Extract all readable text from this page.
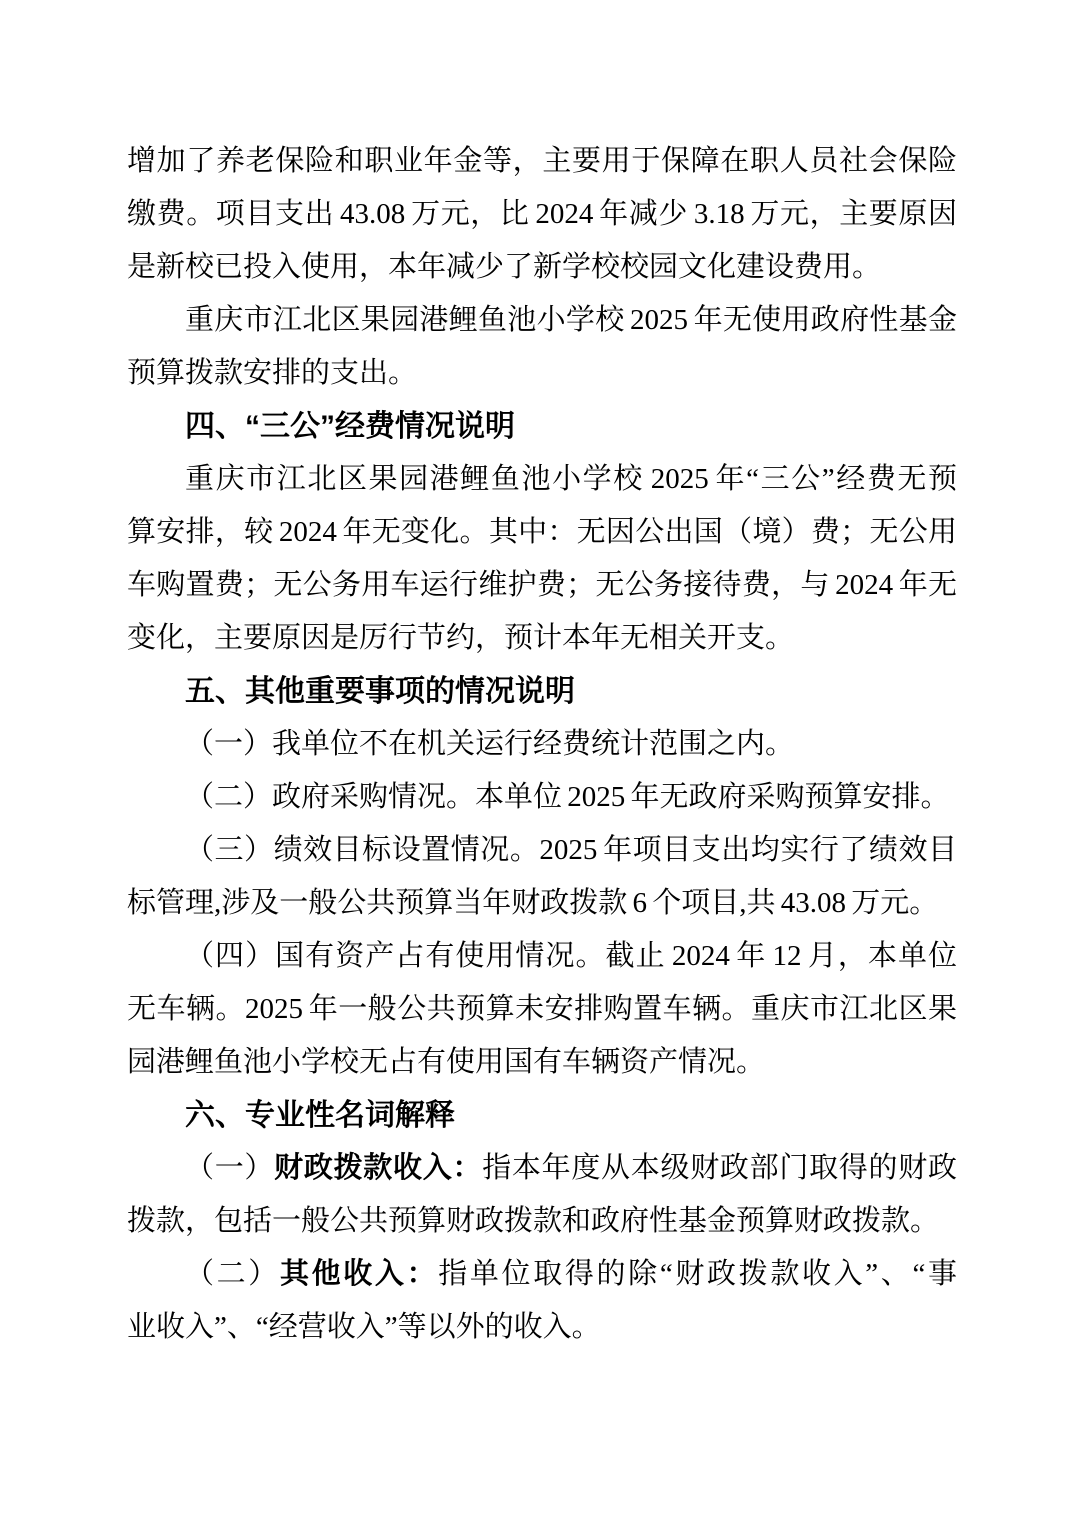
增加了养老保险和职业年金等，主要用于保障在职人员社会保险
缴费。项目支出 43.08 万元，比 2024 年减少 3.18 万元，主要原因
是新校已投入使用，本年减少了新学校校园文化建设费用。
重庆市江北区果园港鲤鱼池小学校 2025 年无使用政府性基金
预算拨款安排的支出。
四、“三公”经费情况说明
重庆市江北区果园港鲤鱼池小学校 2025 年“三公”经费无预
算安排，较 2024 年无变化。其中：无因公出国（境）费；无公用
车购置费；无公务用车运行维护费；无公务接待费，与 2024 年无
变化，主要原因是厉行节约，预计本年无相关开支。
五、其他重要事项的情况说明
（一）我单位不在机关运行经费统计范围之内。
（二）政府采购情况。本单位 2025 年无政府采购预算安排。
（三）绩效目标设置情况。2025 年项目支出均实行了绩效目
标管理,涉及一般公共预算当年财政拨款 6 个项目,共 43.08 万元。
（四）国有资产占有使用情况。截止 2024 年 12 月，本单位
无车辆。2025 年一般公共预算未安排购置车辆。重庆市江北区果
园港鲤鱼池小学校无占有使用国有车辆资产情况。
六、专业性名词解释
（一）财政拨款收入：指本年度从本级财政部门取得的财政
拨款，包括一般公共预算财政拨款和政府性基金预算财政拨款。
（二）其他收入：指单位取得的除“财政拨款收入”、“事
业收入”、“经营收入”等以外的收入。
